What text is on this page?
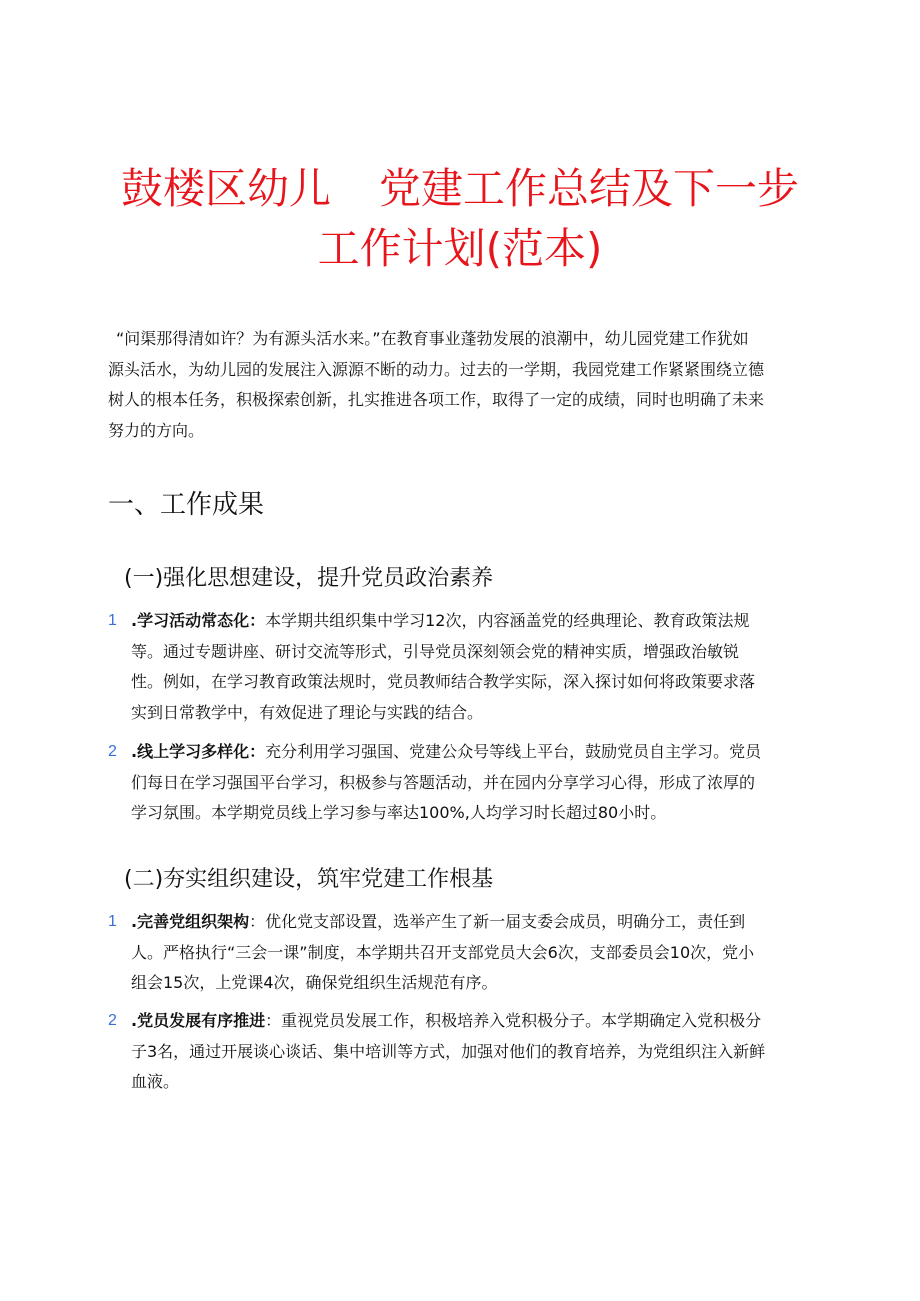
鼓楼区幼儿 党建工作总结及下一步
工作计划(范本)
“问渠那得清如许？为有源头活水来。”在教育事业蓬勃发展的浪潮中，幼儿园党建工作犹如
源头活水，为幼儿园的发展注入源源不断的动力。过去的一学期，我园党建工作紧紧围绕立德
树人的根本任务，积极探索创新，扎实推进各项工作，取得了一定的成绩，同时也明确了未来
努力的方向。
一、工作成果
(一)强化思想建设，提升党员政治素养
1 .学习活动常态化：本学期共组织集中学习12次，内容涵盖党的经典理论、教育政策法规
等。通过专题讲座、研讨交流等形式，引导党员深刻领会党的精神实质，增强政治敏锐
性。例如，在学习教育政策法规时，党员教师结合教学实际，深入探讨如何将政策要求落
实到日常教学中，有效促进了理论与实践的结合。
2 .线上学习多样化：充分利用学习强国、党建公众号等线上平台，鼓励党员自主学习。党员
们每日在学习强国平台学习，积极参与答题活动，并在园内分享学习心得，形成了浓厚的
学习氛围。本学期党员线上学习参与率达100%,人均学习时长超过80小时。
(二)夯实组织建设，筑牢党建工作根基
1 .完善党组织架构：优化党支部设置，选举产生了新一届支委会成员，明确分工，责任到
人。严格执行“三会一课”制度，本学期共召开支部党员大会6次，支部委员会10次，党小
组会15次，上党课4次，确保党组织生活规范有序。
2 .党员发展有序推进：重视党员发展工作，积极培养入党积极分子。本学期确定入党积极分
子3名，通过开展谈心谈话、集中培训等方式，加强对他们的教育培养，为党组织注入新鲜
血液。
